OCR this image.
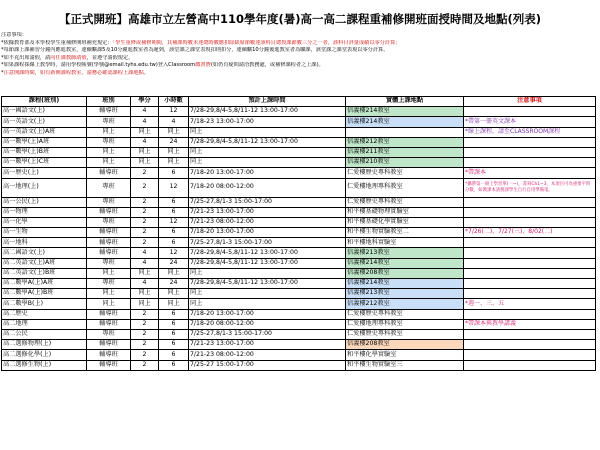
【正式開班】高雄市立左營高中110學年度(暑)高一高二課程重補修開班面授時間及地點(列表)
注意事項：
*依據教育部及本學校學生重補修開班補充規定：「學生重修或補修期間，其補課時數未達總時數應扣除缺席節數達該科目總授課節數三分之一者，該科目評量成績以零分計算」
*每節課上課補習分鐘內應進教室，連續曠課5及10分鐘進教室者為遲到，該堂課之課堂表現扣則扣分，連續曠10分鐘後進教室者為曠課，該堂課之課堂表現以零分計算。
*如不克出席請假，請向任課教師請假，並遵守請假規定。
*如果課程採線上教學時，請用學校帳號(學號@email.tyhs.edu.tw)登入Classroom繳書費(如仍有疑問請洽教務處，或補修課程者之上課)。
*注意開課時間，如有新開課程教室，請務必確認課程上課地點。
課程(班別)	班別	學分	小時數	預計上課時間	實體上課地點	注意事項
高一國語文(上)	輔導班	4	12	7/28-29,8/4-5,8/11-12 13:00-17:00	信義樓214教室	
高一英語文(上)	專班	4	4	7/18-23 13:00-17:00	信義樓214教室	*帶第一冊英文課本
高一英語文(上)A班	同上	同上	同上	同上		*線上課程，請至CLASSROOM課程
高一數學(上)A班	專班	4	24	7/28-29,8/4-5,8/11-12 13:00-17:00	信義樓212教室	
高一數學(上)B班	同上	同上	同上	同上	信義樓211教室	
高一數學(上)C班	同上	同上	同上	同上	信義樓210教室	
高一歷史(上)	輔導班	2	6	7/18-20 13:00-17:00	仁愛樓歷史專科教室	*帶課本
高一地理(上)	專班	2	12	7/18-20 08:00-12:00	仁愛樓地理專科教室	*攜帶第一冊上學習單(一~)，書寫Ch1~3，本項目可為重要平時分數，如教課本請務課學生自行自用準備電。
高一公民(上)	專班	2	6	7/25-27,8/1-3 15:00-17:00	仁愛樓歷史專科教室	
高一物理	輔導班	2	6	7/21-23 13:00-17:00	和平樓基礎物理實驗室	
高一化學	專班	2	12	7/21-23 08:00-12:00	和平樓基礎化學實驗室	
高一生物	輔導班	2	6	7/18-20 13:00-17:00	和平樓生物實驗教室二	*7/26(二)、7/27(三)、8/02(二)
高一地科	輔導班	2	6	7/25-27,8/1-3 15:00-17:00	和平樓地科實驗室	
高二國語文(上)	輔導班	4	12	7/28-29,8/4-5,8/11-12 13:00-17:00	信義樓213教室	
高二英語文(上)A班	專班	4	24	7/28-29,8/4-5,8/11-12 13:00-17:00	信義樓214教室	
高二英語文(上)B班	同上	同上	同上	同上	信義樓208教室	
高二數學A(上)A班	專班	4	24	7/28-29,8/4-5,8/11-12 13:00-17:00	信義樓214教室	
高二數學A(上)B班	同上	同上	同上	同上	信義樓213教室	
高二數學B(上)	同上	同上	同上	同上	信義樓212教室	*週一、三、五
高二歷史	輔導班	2	6	7/18-20 13:00-17:00	仁愛樓歷史專科教室	
高二地理	輔導班	2	6	7/18-20 08:00-12:00	仁愛樓地理專科教室	*帶課本與教學講義
高二公民	專班	2	6	7/25-27,8/1-3 15:00-17:00	仁愛樓歷史專科教室	
高二選修物理(上)	輔導班	2	6	7/21-23 13:00-17:00	信義樓208教室	
高二選修化學(上)	輔導班	2	6	7/21-23 08:00-12:00	和平樓化學實驗室	
高二選修生物(上)	輔導班	2	6	7/25-27 15:00-17:00	和平樓生物實驗室三	
